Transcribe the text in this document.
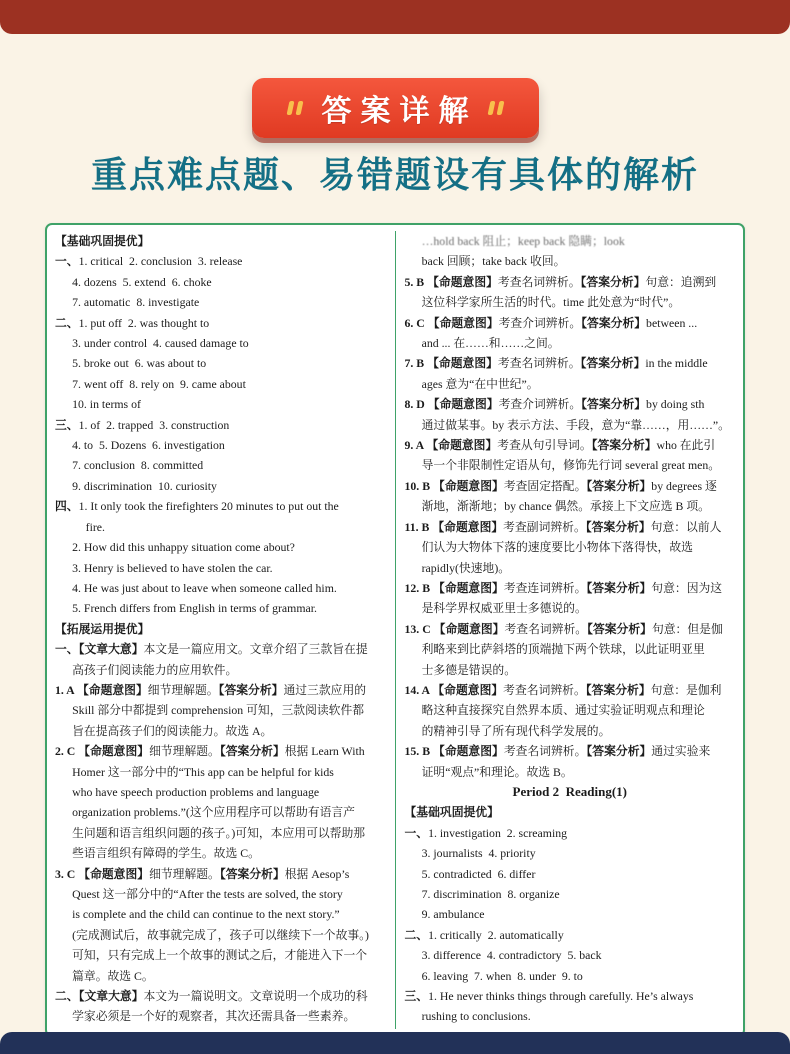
答案详解
重点难点题、易错题设有具体的解析
【基础巩固提优】
一、1. critical  2. conclusion  3. release
4. dozens  5. extend  6. choke
7. automatic  8. investigate
二、1. put off  2. was thought to
3. under control  4. caused damage to
5. broke out  6. was about to
7. went off  8. rely on  9. came about
10. in terms of
三、1. of  2. trapped  3. construction
4. to  5. Dozens  6. investigation
7. conclusion  8. committed
9. discrimination  10. curiosity
四、1. It only took the firefighters 20 minutes to put out the
fire.
2. How did this unhappy situation come about?
3. Henry is believed to have stolen the car.
4. He was just about to leave when someone called him.
5. French differs from English in terms of grammar.
【拓展运用提优】
一、【文章大意】本文是一篇应用文。文章介绍了三款旨在提
高孩子们阅读能力的应用软件。
1. A 【命题意图】细节理解题。【答案分析】通过三款应用的
Skill 部分中都提到 comprehension 可知，三款阅读软件都
旨在提高孩子们的阅读能力。故选 A。
2. C 【命题意图】细节理解题。【答案分析】根据 Learn With
Homer 这一部分中的“This app can be helpful for kids
who have speech production problems and language
organization problems.”(这个应用程序可以帮助有语言产
生问题和语言组织问题的孩子。)可知，本应用可以帮助那
些语言组织有障碍的学生。故选 C。
3. C 【命题意图】细节理解题。【答案分析】根据 Aesop’s
Quest 这一部分中的“After the tests are solved, the story
is complete and the child can continue to the next story.”
(完成测试后，故事就完成了，孩子可以继续下一个故事。)
可知，只有完成上一个故事的测试之后，才能进入下一个
篇章。故选 C。
二、【文章大意】本文为一篇说明文。文章说明一个成功的科
学家必须是一个好的观察者，其次还需具备一些素养。
…hold back 阻止；keep back 隐瞒；look
back 回顾；take back 收回。
5. B 【命题意图】考查名词辨析。【答案分析】句意：追溯到
这位科学家所生活的时代。time 此处意为“时代”。
6. C 【命题意图】考查介词辨析。【答案分析】between ...
and ... 在……和……之间。
7. B 【命题意图】考查名词辨析。【答案分析】in the middle
ages 意为“在中世纪”。
8. D 【命题意图】考查介词辨析。【答案分析】by doing sth
通过做某事。by 表示方法、手段，意为“靠……，用……”。
9. A 【命题意图】考查从句引导词。【答案分析】who 在此引
导一个非限制性定语从句，修饰先行词 several great men。
10. B 【命题意图】考查固定搭配。【答案分析】by degrees 逐
渐地，渐渐地；by chance 偶然。承接上下文应选 B 项。
11. B 【命题意图】考查副词辨析。【答案分析】句意：以前人
们认为大物体下落的速度要比小物体下落得快，故选
rapidly(快速地)。
12. B 【命题意图】考查连词辨析。【答案分析】句意：因为这
是科学界权威亚里士多德说的。
13. C 【命题意图】考查名词辨析。【答案分析】句意：但是伽
利略来到比萨斜塔的顶端抛下两个铁球，以此证明亚里
士多德是错误的。
14. A 【命题意图】考查名词辨析。【答案分析】句意：是伽利
略这种直接探究自然界本质、通过实验证明观点和理论
的精神引导了所有现代科学发展的。
15. B 【命题意图】考查名词辨析。【答案分析】通过实验来
证明“观点”和理论。故选 B。
Period 2  Reading(1)
【基础巩固提优】
一、1. investigation  2. screaming
3. journalists  4. priority
5. contradicted  6. differ
7. discrimination  8. organize
9. ambulance
二、1. critically  2. automatically
3. difference  4. contradictory  5. back
6. leaving  7. when  8. under  9. to
三、1. He never thinks things through carefully. He’s always
rushing to conclusions.
